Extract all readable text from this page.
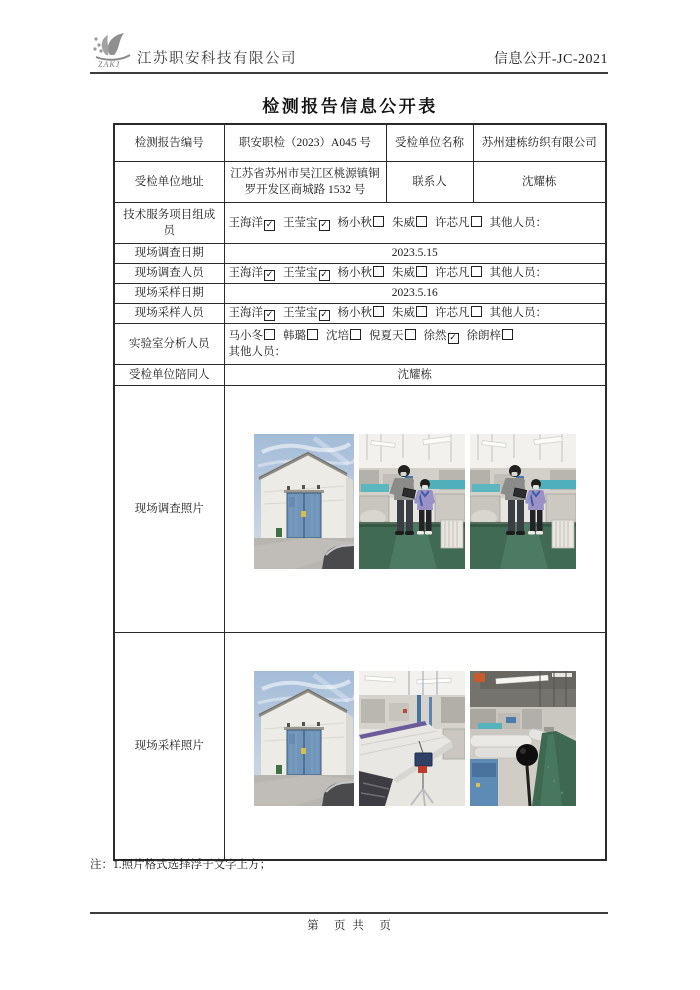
ZAKJ 江苏职安科技有限公司	信息公开-JC-2021
检测报告信息公开表
检测报告编号	职安职检（2023）A045 号	受检单位名称	苏州建栋纺织有限公司
受检单位地址	江苏省苏州市吴江区桃源镇铜罗开发区商城路 1532 号	联系人	沈耀栋
技术服务项目组成员	王海洋 ✓ 王莹宝 ✓ 杨小秋 朱威 许芯凡 其他人员：		
现场调查日期	2023.5.15		
现场调查人员	王海洋 ✓ 王莹宝 ✓ 杨小秋 朱威 许芯凡 其他人员：		
现场采样日期	2023.5.16		
现场采样人员	王海洋 ✓ 王莹宝 ✓ 杨小秋 朱威 许芯凡 其他人员：		
实验室分析人员	马小冬 韩璐 沈培 倪夏天 徐然 ✓ 徐朗梓
其他人员：		

受检单位陪同人	沈耀栋		
现场调查照片	

现场采样照片	
注：1.照片格式选择浮于文字上方；
第　页 共　页
